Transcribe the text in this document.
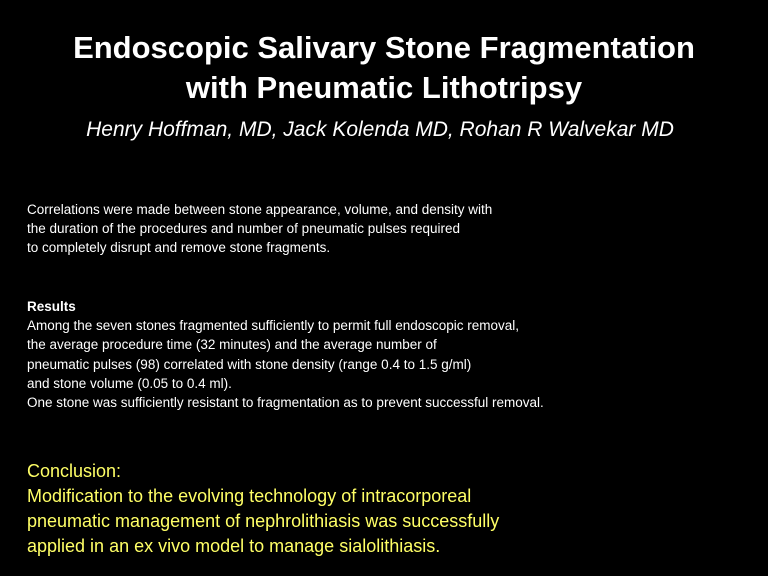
Endoscopic Salivary Stone Fragmentation
with Pneumatic Lithotripsy
Henry Hoffman, MD, Jack Kolenda MD, Rohan R Walvekar MD
Correlations were made between stone appearance, volume, and density with
the duration of the procedures and number of pneumatic pulses required
to completely disrupt and remove stone fragments.
Results
Among the seven stones fragmented sufficiently to permit full endoscopic removal,
the average procedure time (32 minutes) and the average number of
pneumatic pulses (98) correlated with stone density (range 0.4 to 1.5 g/ml)
and stone volume (0.05 to 0.4 ml).
One stone was sufficiently resistant to fragmentation as to prevent successful removal.
Conclusion:
Modification to the evolving technology of intracorporeal
pneumatic management of nephrolithiasis was successfully
applied in an ex vivo model to manage sialolithiasis.
